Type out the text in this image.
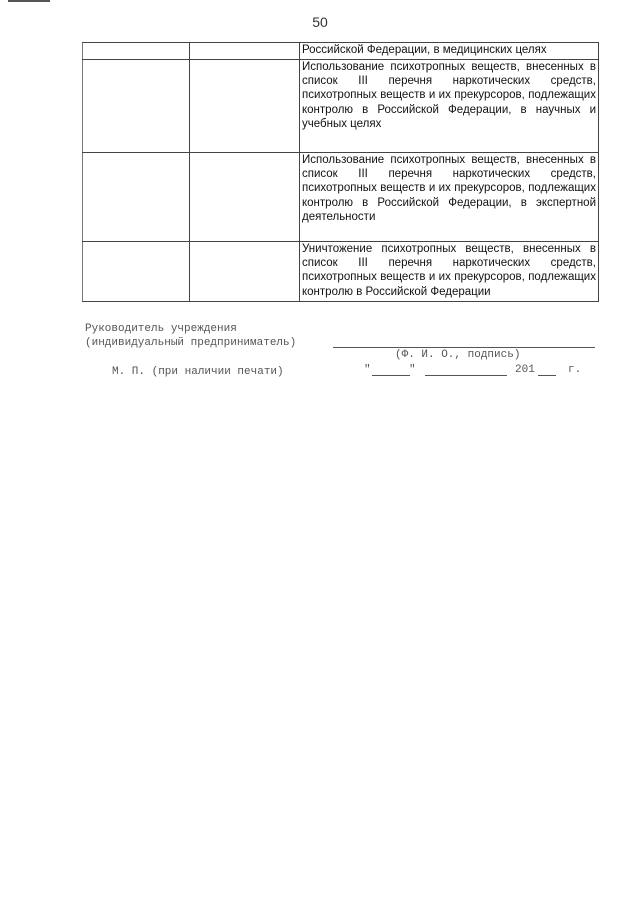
50
		Российской Федерации, в медицинских целях
		Использование психотропных веществ, внесенных в список III перечня наркотических средств, психотропных веществ и их прекурсоров, подлежащих контролю в Российской Федерации, в научных и учебных целях
		Использование психотропных веществ, внесенных в список III перечня наркотических средств, психотропных веществ и их прекурсоров, подлежащих контролю в Российской Федерации, в экспертной деятельности
		Уничтожение психотропных веществ, внесенных в список III перечня наркотических средств, психотропных веществ и их прекурсоров, подлежащих контролю в Российской Федерации
Руководитель учреждения
(индивидуальный предприниматель)
(Ф. И. О., подпись)
М. П. (при наличии печати)	"	"	201	г.
